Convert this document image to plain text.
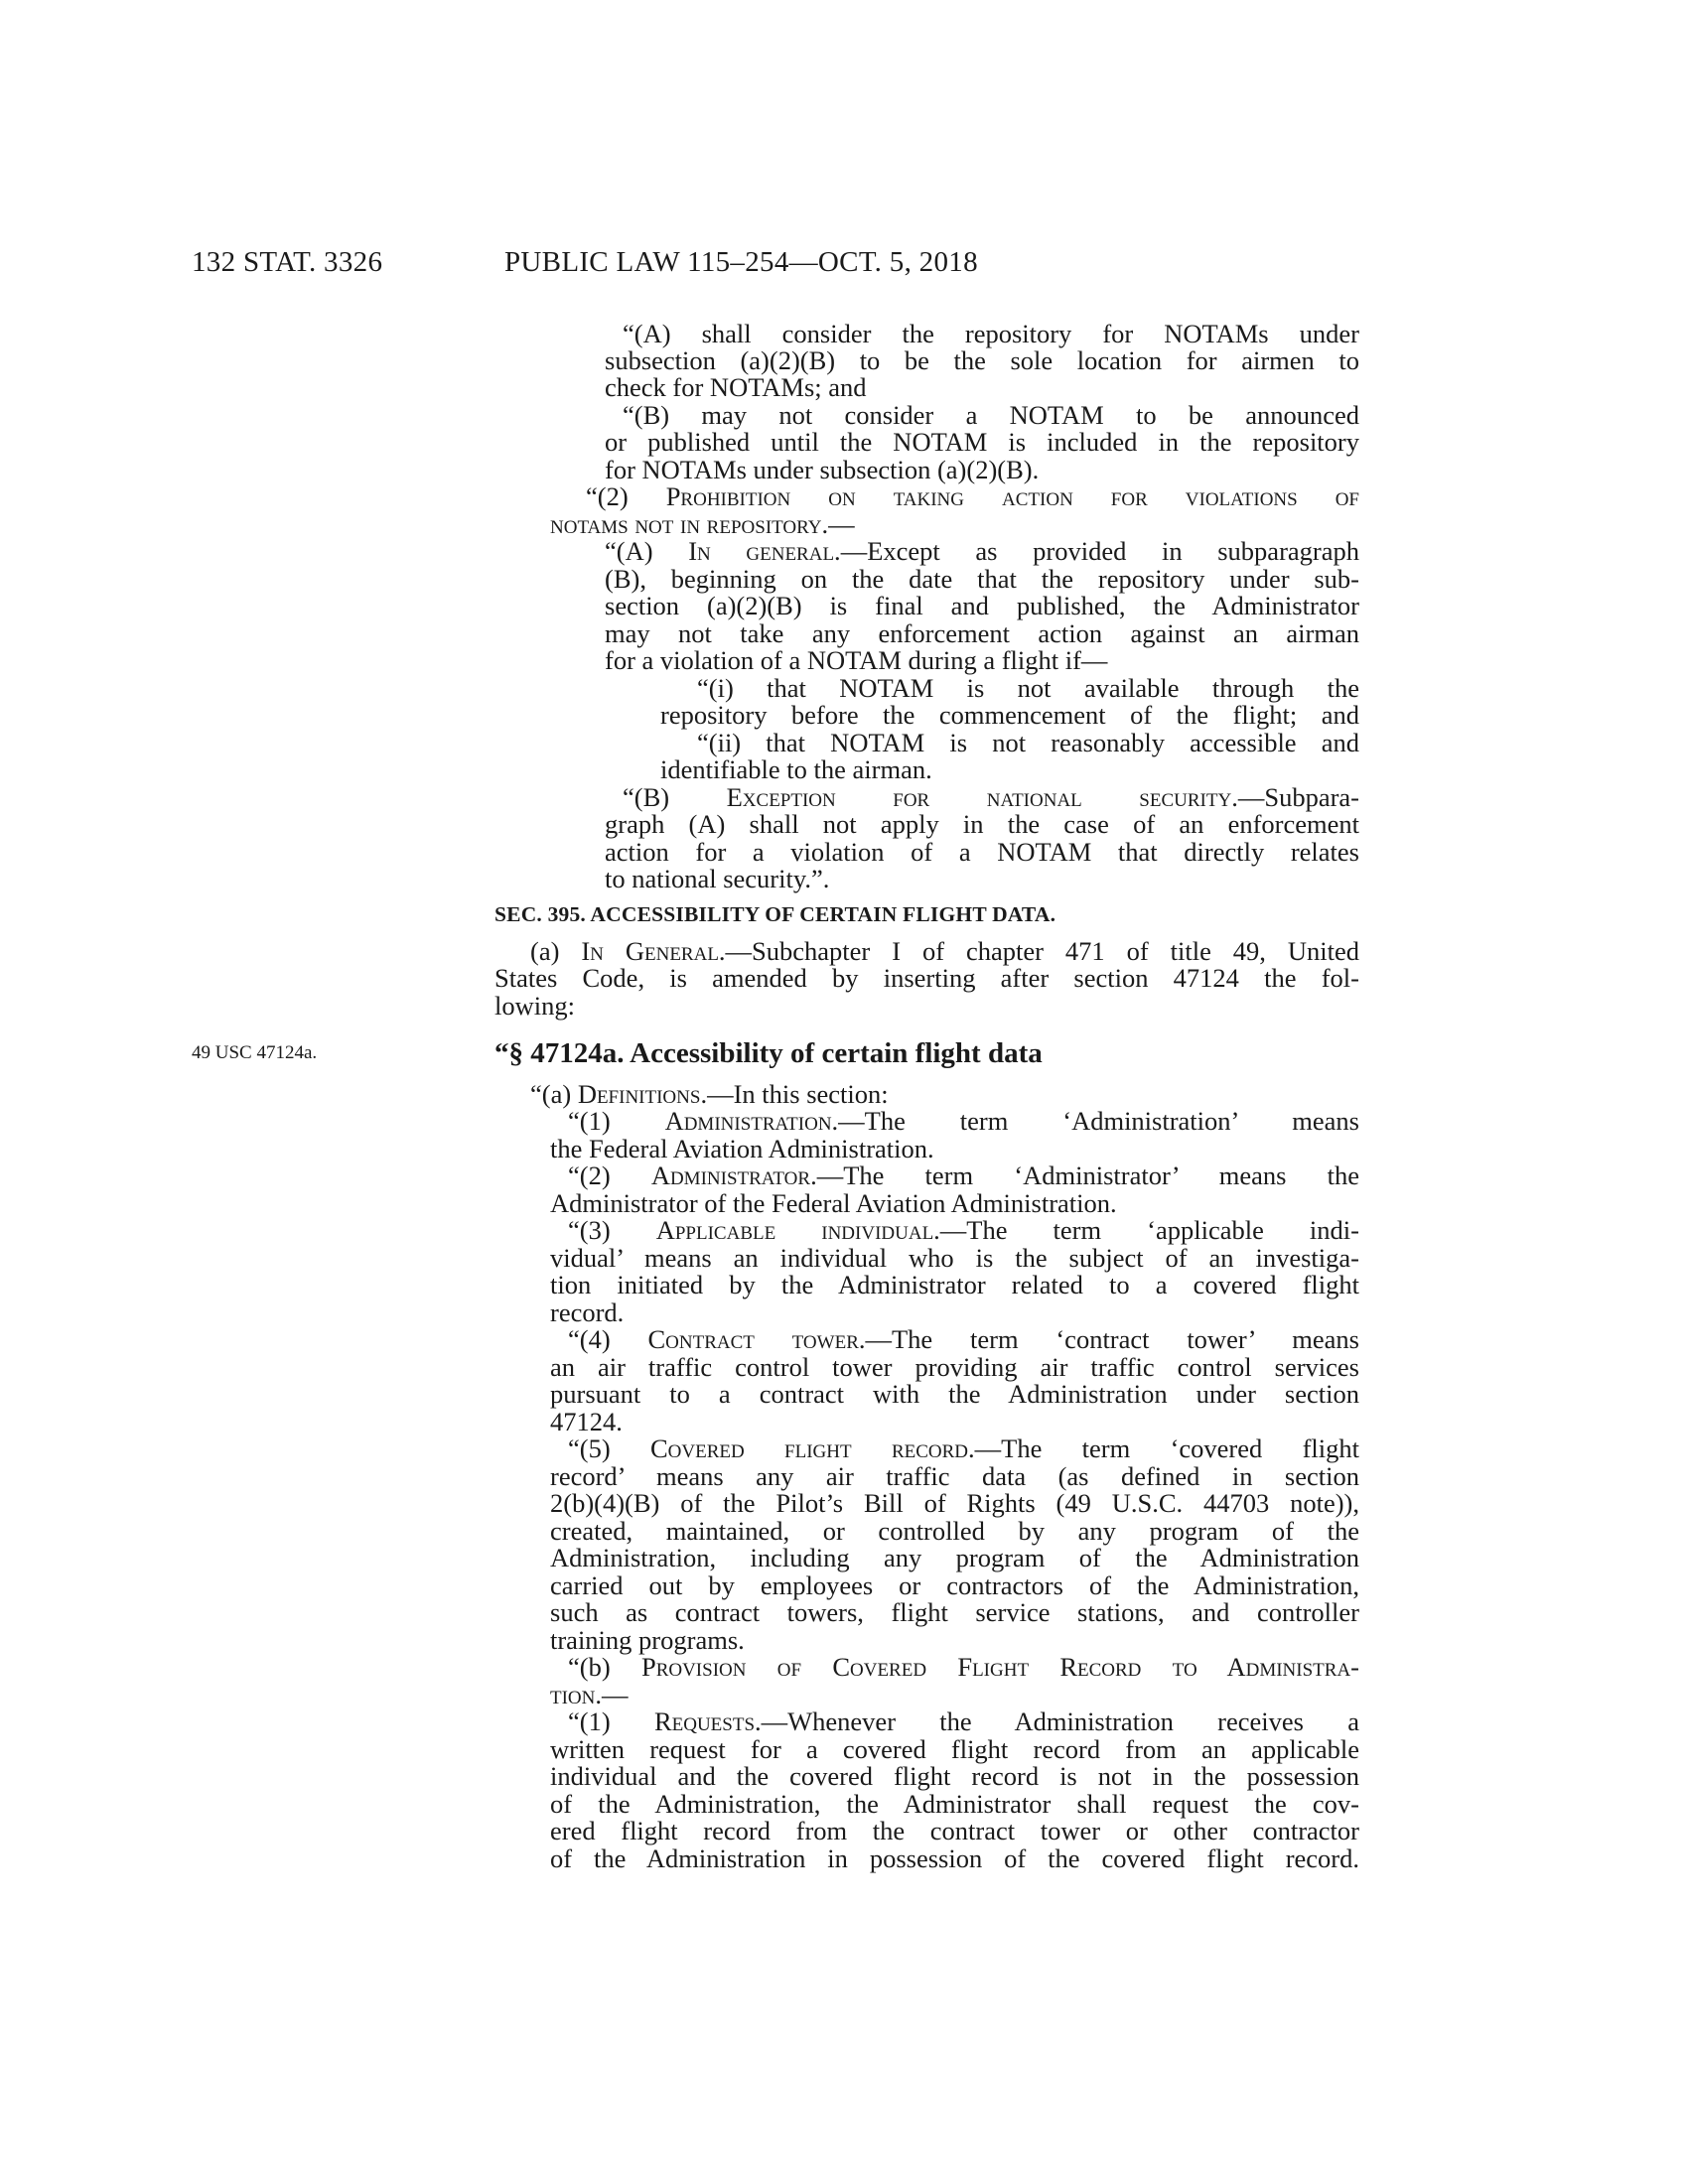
132 STAT. 3326	PUBLIC LAW 115–254—OCT. 5, 2018
49 USC 47124a.
“(A) shall consider the repository for NOTAMs under
subsection (a)(2)(B) to be the sole location for airmen to
check for NOTAMs; and
“(B) may not consider a NOTAM to be announced
or published until the NOTAM is included in the repository
for NOTAMs under subsection (a)(2)(B).
“(2) Prohibition on taking action for violations of
notams not in repository.—
“(A) In general.—Except as provided in subparagraph
(B), beginning on the date that the repository under sub-
section (a)(2)(B) is final and published, the Administrator
may not take any enforcement action against an airman
for a violation of a NOTAM during a flight if—
“(i) that NOTAM is not available through the
repository before the commencement of the flight; and
“(ii) that NOTAM is not reasonably accessible and
identifiable to the airman.
“(B) Exception for national security.—Subpara-
graph (A) shall not apply in the case of an enforcement
action for a violation of a NOTAM that directly relates
to national security.”.
SEC. 395. ACCESSIBILITY OF CERTAIN FLIGHT DATA.
(a) In General.—Subchapter I of chapter 471 of title 49, United
States Code, is amended by inserting after section 47124 the fol-
lowing:
“§ 47124a. Accessibility of certain flight data
“(a) Definitions.—In this section:
“(1) Administration.—The term ‘Administration’ means
the Federal Aviation Administration.
“(2) Administrator.—The term ‘Administrator’ means the
Administrator of the Federal Aviation Administration.
“(3) Applicable individual.—The term ‘applicable indi-
vidual’ means an individual who is the subject of an investiga-
tion initiated by the Administrator related to a covered flight
record.
“(4) Contract tower.—The term ‘contract tower’ means
an air traffic control tower providing air traffic control services
pursuant to a contract with the Administration under section
47124.
“(5) Covered flight record.—The term ‘covered flight
record’ means any air traffic data (as defined in section
2(b)(4)(B) of the Pilot’s Bill of Rights (49 U.S.C. 44703 note)),
created, maintained, or controlled by any program of the
Administration, including any program of the Administration
carried out by employees or contractors of the Administration,
such as contract towers, flight service stations, and controller
training programs.
“(b) Provision of Covered Flight Record to Administra-
tion.—
“(1) Requests.—Whenever the Administration receives a
written request for a covered flight record from an applicable
individual and the covered flight record is not in the possession
of the Administration, the Administrator shall request the cov-
ered flight record from the contract tower or other contractor
of the Administration in possession of the covered flight record.
